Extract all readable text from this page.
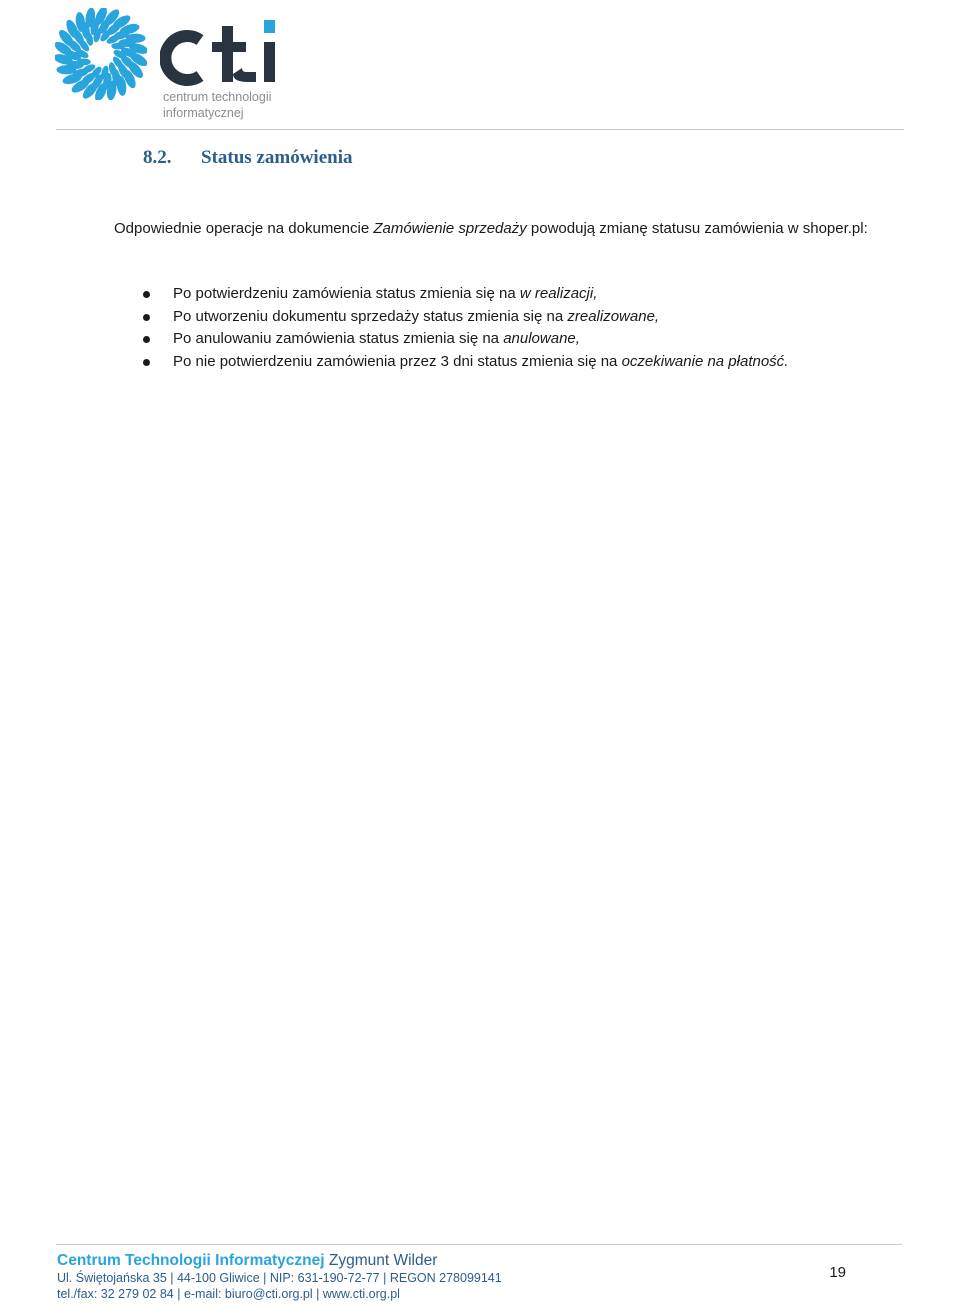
centrum technologii
informatycznej
8.2. Status zamówienia

Odpowiednie operacje na dokumencie Zamówienie sprzedaży powodują zmianę statusu zamówienia w shoper.pl:

Po potwierdzeniu zamówienia status zmienia się na w realizacji,
Po utworzeniu dokumentu sprzedaży status zmienia się na zrealizowane,
Po anulowaniu zamówienia status zmienia się na anulowane,
Po nie potwierdzeniu zamówienia przez 3 dni status zmienia się na oczekiwanie na płatność.
Centrum Technologii Informatycznej Zygmunt Wilder
Ul. Świętojańska 35 | 44-100 Gliwice | NIP: 631-190-72-77 | REGON 278099141
tel./fax: 32 279 02 84 | e-mail: biuro@cti.org.pl | www.cti.org.pl
19
